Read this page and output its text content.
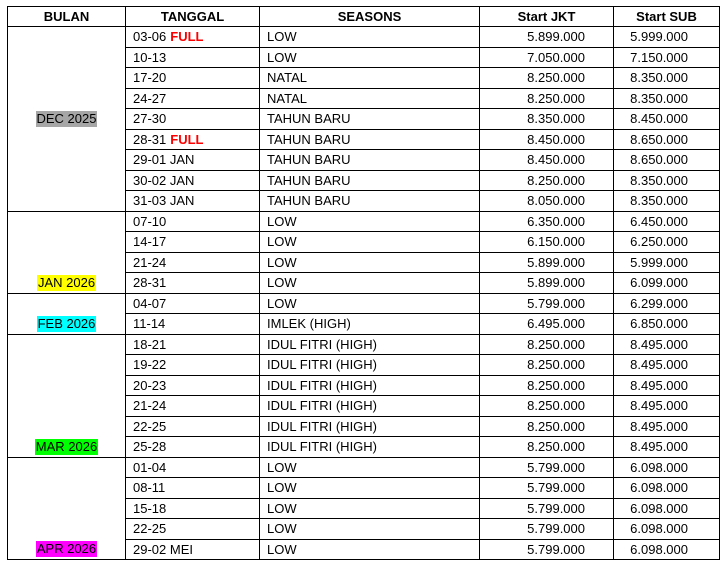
BULAN	TANGGAL	SEASONS	Start JKT	Start SUB
DEC 2025	03-06 FULL	LOW	5.899.000	5.999.000
	10-13	LOW	7.050.000	7.150.000
	17-20	NATAL	8.250.000	8.350.000
	24-27	NATAL	8.250.000	8.350.000
	27-30	TAHUN BARU	8.350.000	8.450.000
	28-31 FULL	TAHUN BARU	8.450.000	8.650.000
	29-01 JAN	TAHUN BARU	8.450.000	8.650.000
	30-02 JAN	TAHUN BARU	8.250.000	8.350.000
	31-03 JAN	TAHUN BARU	8.050.000	8.350.000
JAN 2026	07-10	LOW	6.350.000	6.450.000
	14-17	LOW	6.150.000	6.250.000
	21-24	LOW	5.899.000	5.999.000
	28-31	LOW	5.899.000	6.099.000
FEB 2026	04-07	LOW	5.799.000	6.299.000
	11-14	IMLEK (HIGH)	6.495.000	6.850.000
MAR 2026	18-21	IDUL FITRI (HIGH)	8.250.000	8.495.000
	19-22	IDUL FITRI (HIGH)	8.250.000	8.495.000
	20-23	IDUL FITRI (HIGH)	8.250.000	8.495.000
	21-24	IDUL FITRI (HIGH)	8.250.000	8.495.000
	22-25	IDUL FITRI (HIGH)	8.250.000	8.495.000
	25-28	IDUL FITRI (HIGH)	8.250.000	8.495.000
APR 2026	01-04	LOW	5.799.000	6.098.000
	08-11	LOW	5.799.000	6.098.000
	15-18	LOW	5.799.000	6.098.000
	22-25	LOW	5.799.000	6.098.000
	29-02 MEI	LOW	5.799.000	6.098.000
